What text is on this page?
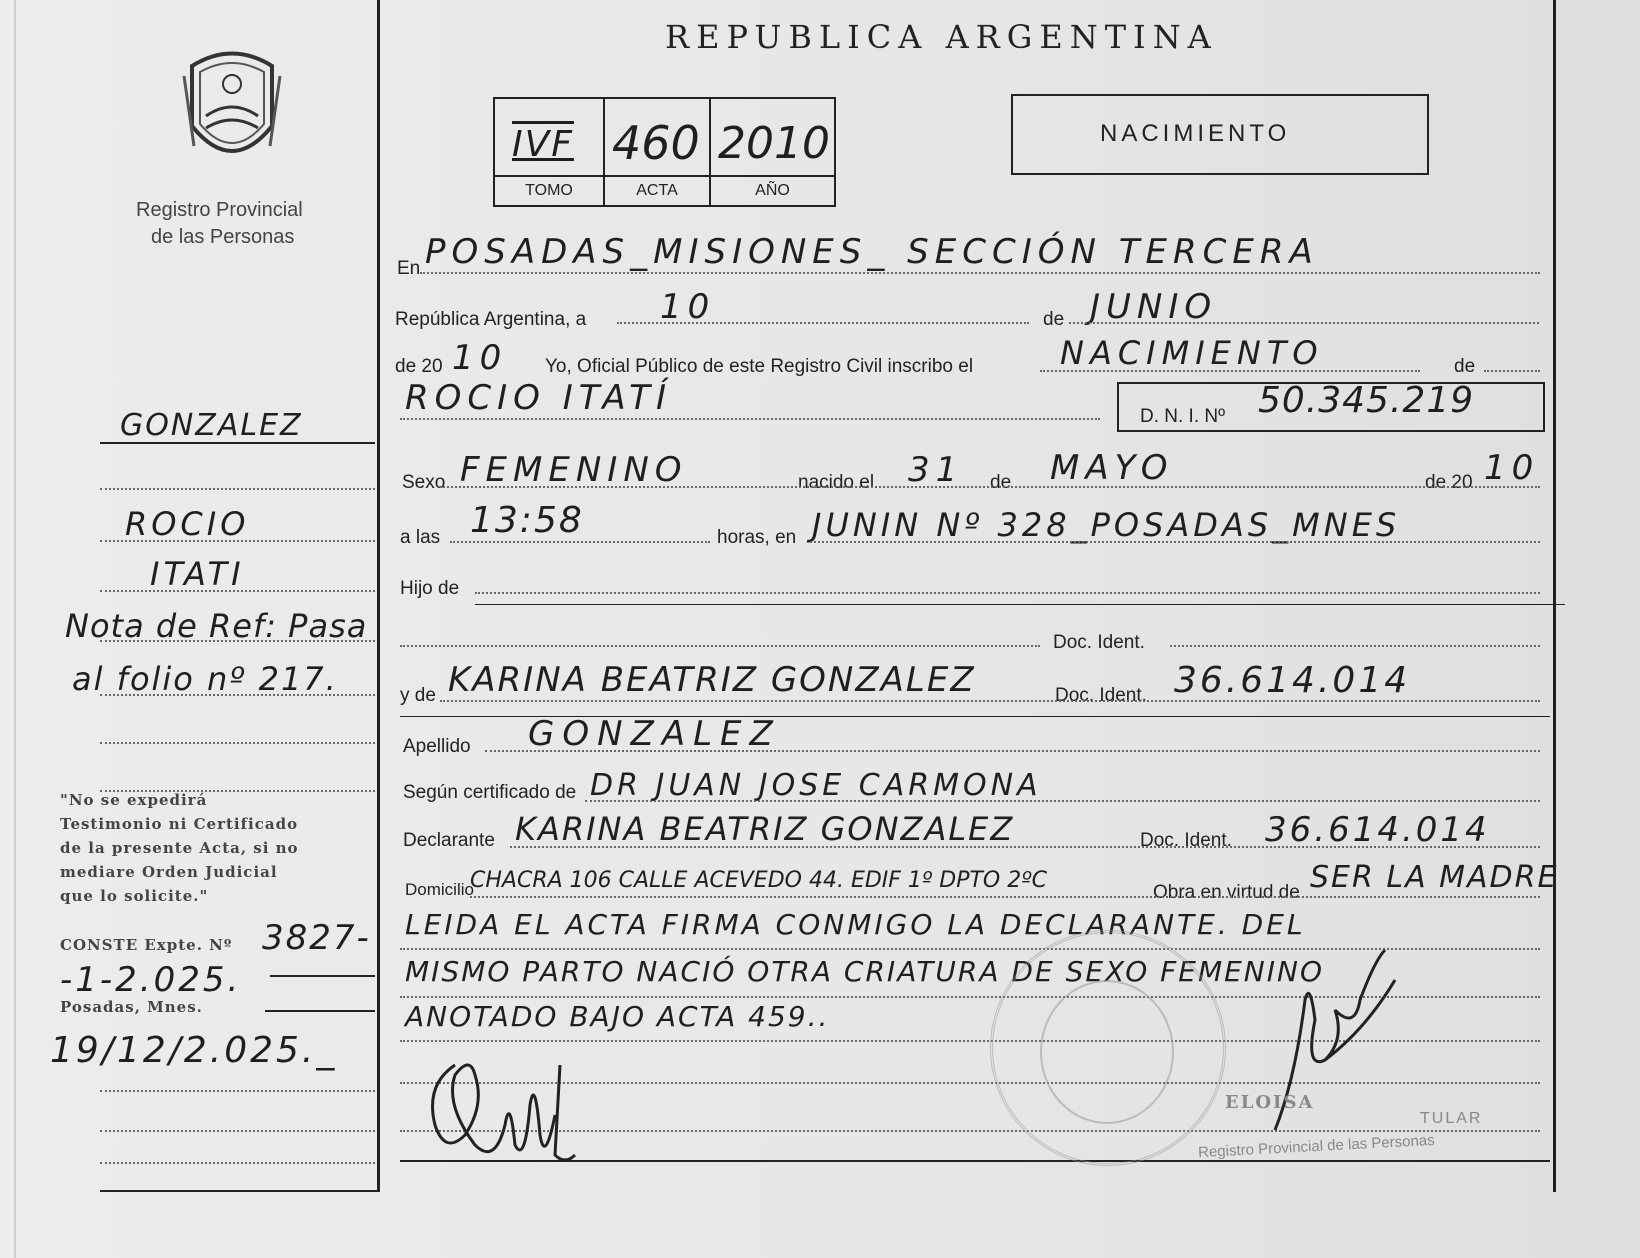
Registro Provincial
de las Personas
REPUBLICA ARGENTINA
IVF 460 2010
TOMO	ACTA	AÑO
NACIMIENTO
En POSADAS_MISIONES_ SECCIÓN TERCERA
República Argentina, a 10	de JUNIO
de 20 10 Yo, Oficial Público de este Registro Civil inscribo el	NACIMIENTO	de
ROCIO ITATÍ	D. N. I. Nº 50.345.219
Sexo FEMENINO	nacido el 31 de MAYO	de 20 10
a las 13:58	horas, en JUNIN Nº 328_POSADAS_MNES
Hijo de
Doc. Ident.
y de KARINA BEATRIZ GONZALEZ	Doc. Ident. 36.614.014
Apellido GONZALEZ
Según certificado de DR JUAN JOSE CARMONA
Declarante KARINA BEATRIZ GONZALEZ	Doc. Ident. 36.614.014
Domicilio
CHACRA 106 CALLE ACEVEDO 44. EDIF 1º DPTO 2ºC	Obra en virtud de SER LA MADRE
LEIDA EL ACTA FIRMA CONMIGO LA DECLARANTE. DEL
MISMO PARTO NACIÓ OTRA CRIATURA DE SEXO FEMENINO
ANOTADO BAJO ACTA 459..
ELOISA
TULAR
Registro Provincial de las Personas
GONZALEZ
ROCIO
ITATI
Nota de Ref: Pasa
al folio nº 217.
"No se expedirá
Testimonio ni Certificado
de la presente Acta, si no
mediare Orden Judicial
que lo solicite."
CONSTE Expte. Nº 3827-
-1-2.025.
Posadas, Mnes.
19/12/2.025._
